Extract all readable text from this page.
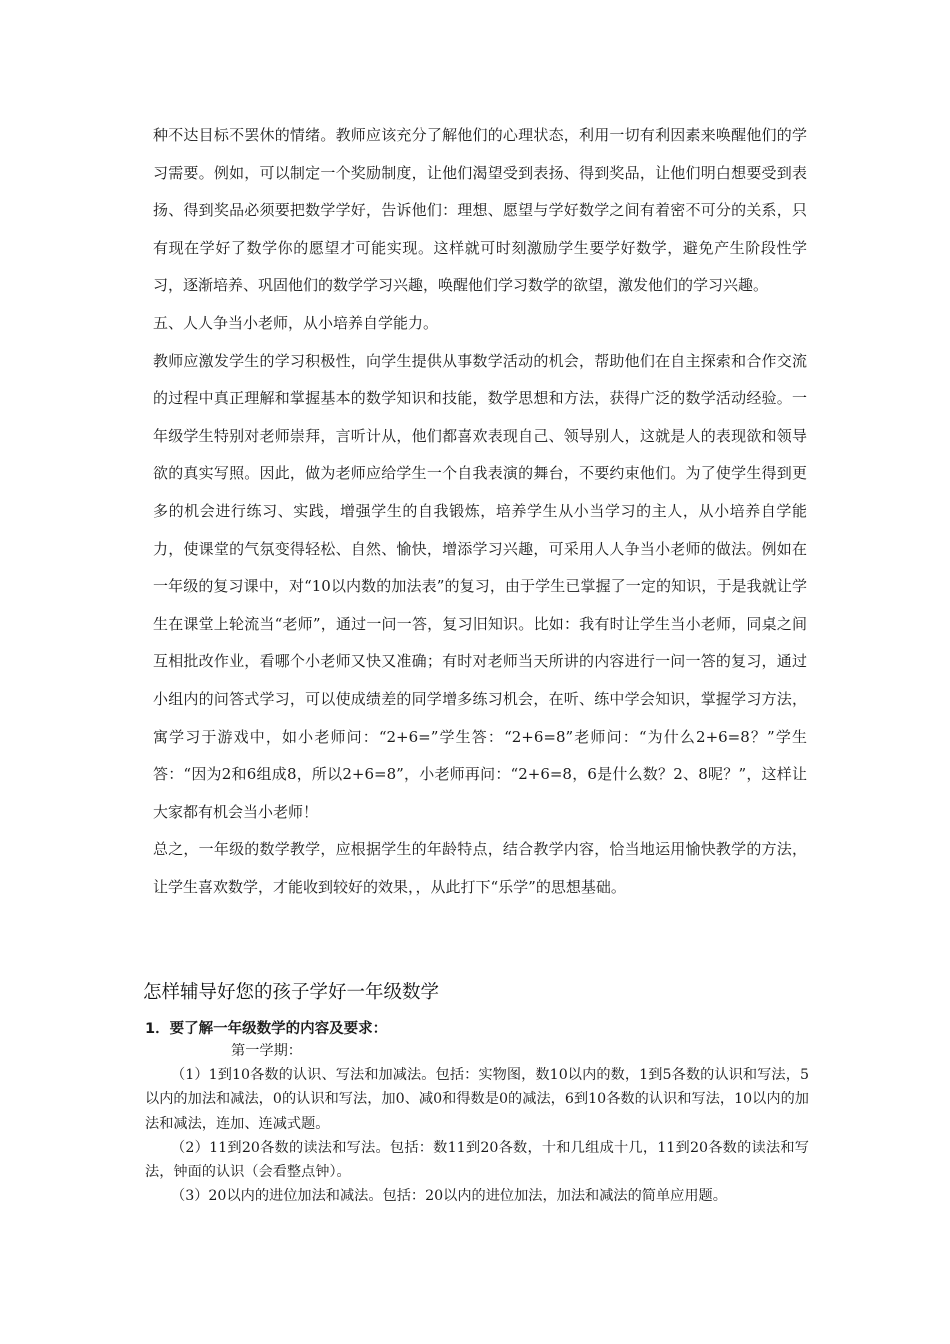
种不达目标不罢休的情绪。教师应该充分了解他们的心理状态，利用一切有利因素来唤醒他们的学习需要。例如，可以制定一个奖励制度，让他们渴望受到表扬、得到奖品，让他们明白想要受到表扬、得到奖品必须要把数学学好，告诉他们：理想、愿望与学好数学之间有着密不可分的关系，只有现在学好了数学你的愿望才可能实现。这样就可时刻激励学生要学好数学，避免产生阶段性学习，逐渐培养、巩固他们的数学学习兴趣，唤醒他们学习数学的欲望，激发他们的学习兴趣。

五、人人争当小老师，从小培养自学能力。

教师应激发学生的学习积极性，向学生提供从事数学活动的机会，帮助他们在自主探索和合作交流的过程中真正理解和掌握基本的数学知识和技能，数学思想和方法，获得广泛的数学活动经验。一年级学生特别对老师崇拜，言听计从，他们都喜欢表现自己、领导别人，这就是人的表现欲和领导欲的真实写照。因此，做为老师应给学生一个自我表演的舞台，不要约束他们。为了使学生得到更多的机会进行练习、实践，增强学生的自我锻炼，培养学生从小当学习的主人，从小培养自学能力，使课堂的气氛变得轻松、自然、愉快，增添学习兴趣，可采用人人争当小老师的做法。例如在一年级的复习课中，对“10以内数的加法表”的复习，由于学生已掌握了一定的知识，于是我就让学生在课堂上轮流当“老师”，通过一问一答，复习旧知识。比如：我有时让学生当小老师，同桌之间互相批改作业，看哪个小老师又快又准确；有时对老师当天所讲的内容进行一问一答的复习，通过小组内的问答式学习，可以使成绩差的同学增多练习机会，在听、练中学会知识，掌握学习方法，寓学习于游戏中，如小老师问：“2+6=”学生答：“2+6=8”老师问：“为什么2+6=8？”学生答：“因为2和6组成8，所以2+6=8”，小老师再问：“2+6=8，6是什么数？2、8呢？”，这样让大家都有机会当小老师！

总之，一年级的数学教学，应根据学生的年龄特点，结合教学内容，恰当地运用愉快教学的方法，让学生喜欢数学，才能收到较好的效果，，从此打下“乐学”的思想基础。

怎样辅导好您的孩子学好一年级数学
1．要了解一年级数学的内容及要求：

第一学期：

（1）1到10各数的认识、写法和加减法。包括：实物图，数10以内的数，1到5各数的认识和写法，5以内的加法和减法，0的认识和写法，加0、减0和得数是0的减法，6到10各数的认识和写法，10以内的加法和减法，连加、连减式题。

（2）11到20各数的读法和写法。包括：数11到20各数，十和几组成十几，11到20各数的读法和写法，钟面的认识（会看整点钟）。

（3）20以内的进位加法和减法。包括：20以内的进位加法，加法和减法的简单应用题。
